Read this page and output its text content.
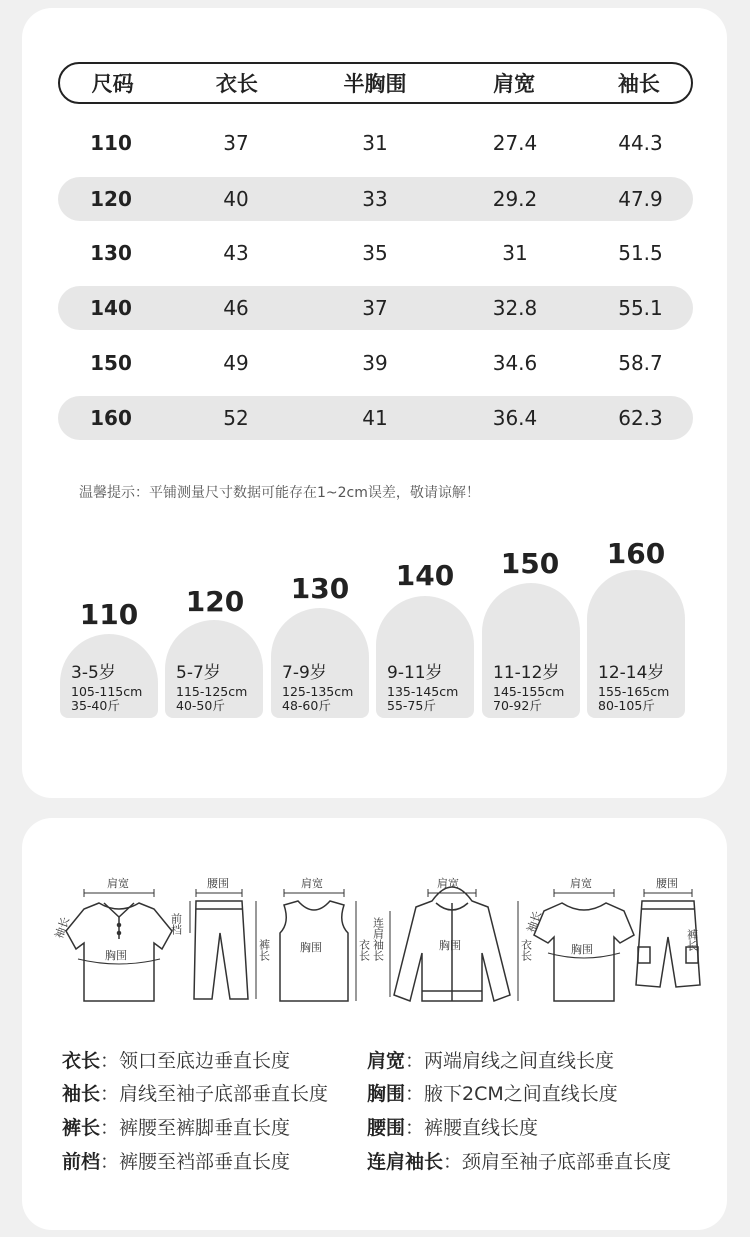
尺码	衣长	半胸围	肩宽	袖长
110	37	31	27.4	44.3
120	40	33	29.2	47.9
130	43	35	31	51.5
140	46	37	32.8	55.1
150	49	39	34.6	58.7
160	52	41	36.4	62.3
温馨提示：平铺测量尺寸数据可能存在1~2cm误差，敬请谅解！
110
3-5岁
105-115cm
35-40斤
120
5-7岁
115-125cm
40-50斤
130
7-9岁
125-135cm
48-60斤
140
9-11岁
135-145cm
55-75斤
150
11-12岁
145-155cm
70-92斤
160
12-14岁
155-165cm
80-105斤
肩宽
胸围
袖长
腰围
前档
裤长
肩宽
胸围	衣长
肩宽
胸围
连肩袖长	衣长
肩宽
胸围
袖长
腰围
裤长
衣长：领口至底边垂直长度	肩宽：两端肩线之间直线长度
袖长：肩线至袖子底部垂直长度 胸围：腋下2CM之间直线长度
裤长：裤腰至裤脚垂直长度	腰围：裤腰直线长度
前档：裤腰至裆部垂直长度	连肩袖长：颈肩至袖子底部垂直长度
